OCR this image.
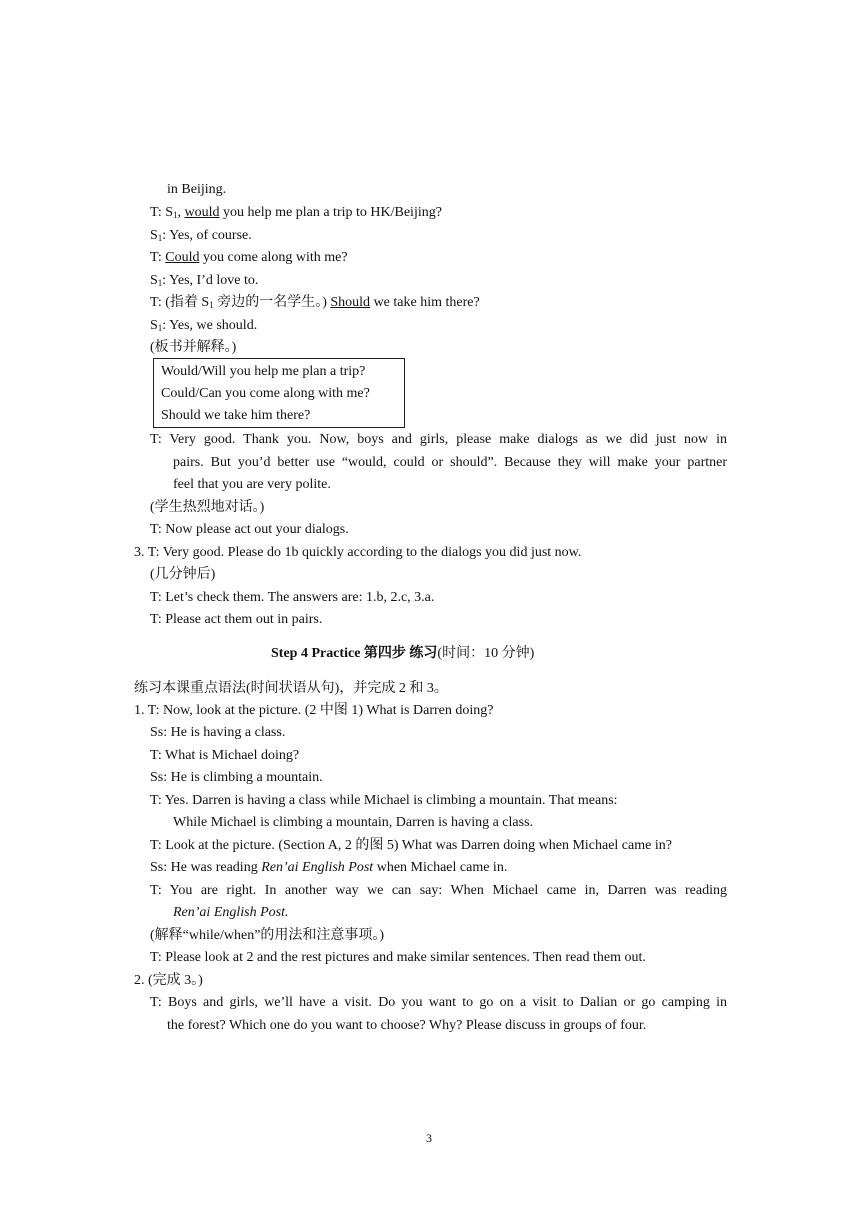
in Beijing.
T: $S_1$, would you help me plan a trip to HK/Beijing?
$S_1$: Yes, of course.
T: Could you come along with me?
$S_1$: Yes, I’d love to.
T: (指着 $S_1$ 旁边的一名学生。) Should we take him there?
$S_1$: Yes, we should.
(板书并解释。)
Would/Will you help me plan a trip?
Could/Can you come along with me?
Should we take him there?
T: Very good. Thank you. Now, boys and girls, please make dialogs as we did just now in
pairs. But you’d better use “would, could or should”. Because they will make your partner
feel that you are very polite.
(学生热烈地对话。)
T: Now please act out your dialogs.
3. T: Very good. Please do 1b quickly according to the dialogs you did just now.
(几分钟后)
T: Let’s check them. The answers are: 1.b, 2.c, 3.a.
T: Please act them out in pairs.
Step 4 Practice 第四步 练习(时间：10 分钟)
练习本课重点语法(时间状语从句)，并完成 2 和 3。
1. T: Now, look at the picture. (2 中图 1) What is Darren doing?
Ss: He is having a class.
T: What is Michael doing?
Ss: He is climbing a mountain.
T: Yes. Darren is having a class while Michael is climbing a mountain. That means:
While Michael is climbing a mountain, Darren is having a class.
T: Look at the picture. (Section A, 2 的图 5) What was Darren doing when Michael came in?
Ss: He was reading Ren’ai English Post when Michael came in.
T: You are right. In another way we can say: When Michael came in, Darren was reading
Ren’ai English Post.
(解释“while/when”的用法和注意事项。)
T: Please look at 2 and the rest pictures and make similar sentences. Then read them out.
2. (完成 3。)
T: Boys and girls, we’ll have a visit. Do you want to go on a visit to Dalian or go camping in
the forest? Which one do you want to choose? Why? Please discuss in groups of four.
3
